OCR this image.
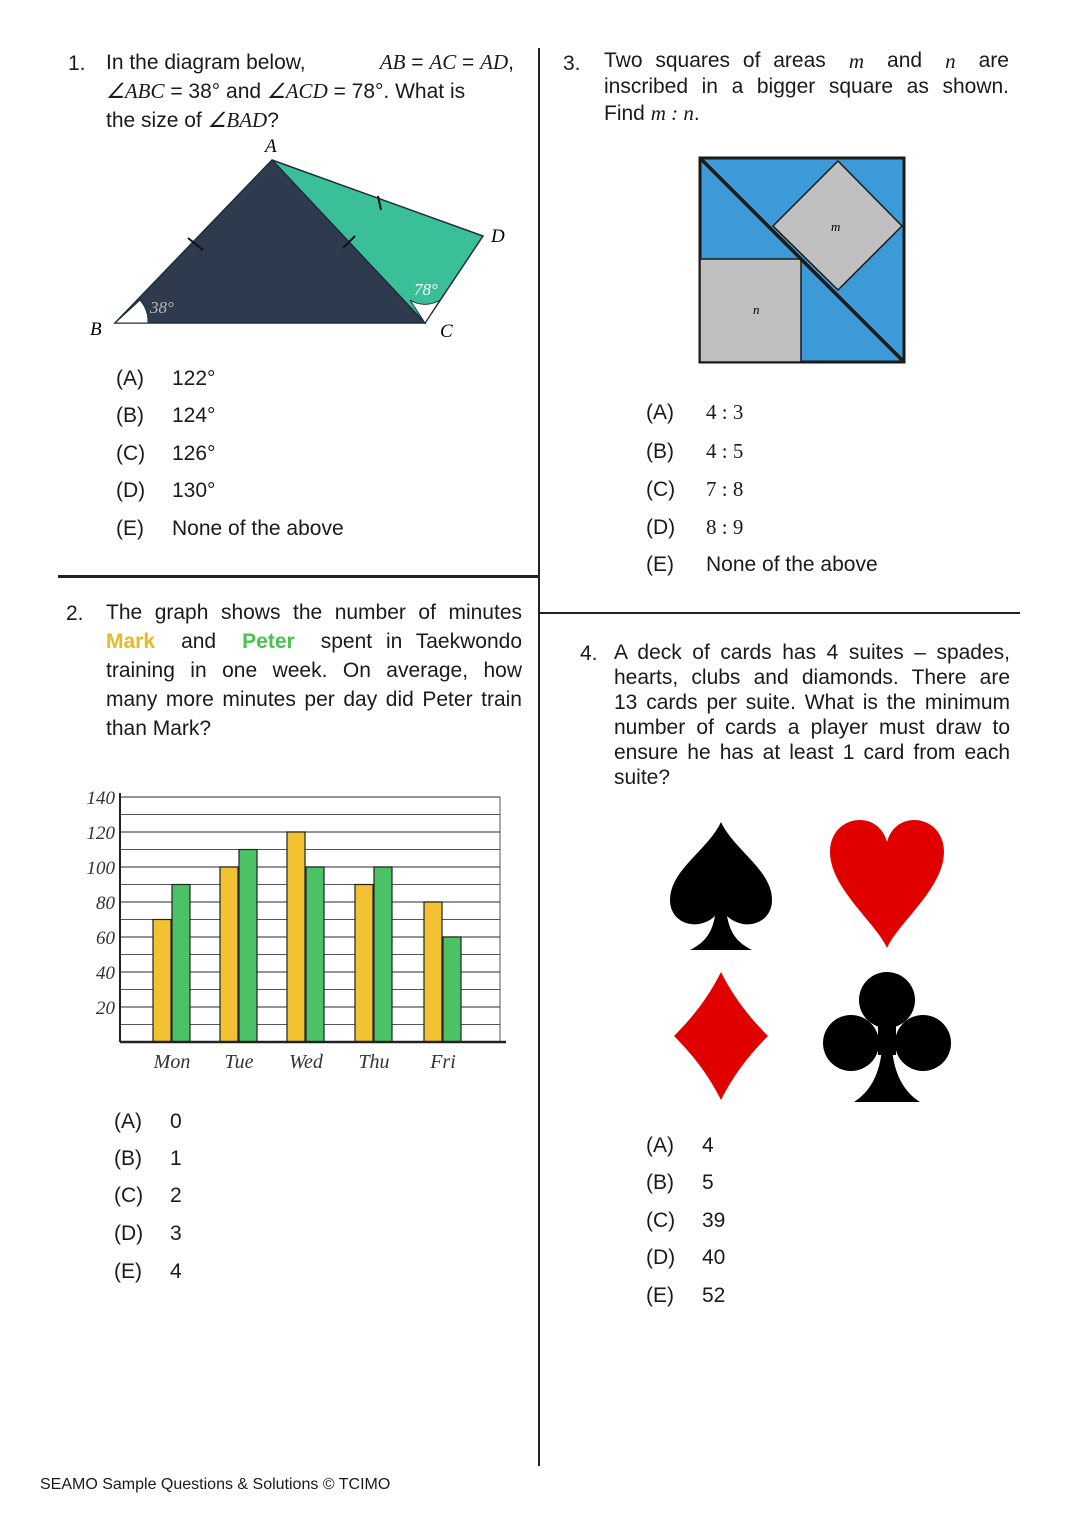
1. In the diagram below,	AB = AC = AD,
∠ABC = 38° and ∠ACD = 78°. What is
the size of ∠BAD?
A
B	C
D
38°
78°
(A) 122°
(B) 124°
(C) 126°
(D) 130°
(E) None of the above
2. The graph shows the number of minutes
Mark and Peter spent in Taekwondo
training in one week. On average, how
many more minutes per day did Peter train
than Mark?
140
120
100
80
60
40
20
Mon Tue Wed Thu Fri
(A) 0
(B) 1
(C) 2
(D) 3
(E) 4
3. Two squares of areas m and n are
inscribed in a bigger square as shown.
Find m : n.
m
n
(A) 4 : 3
(B) 4 : 5
(C) 7 : 8
(D) 8 : 9
(E) None of the above
4. A deck of cards has 4 suites – spades,
hearts, clubs and diamonds. There are
13 cards per suite. What is the minimum
number of cards a player must draw to
ensure he has at least 1 card from each
suite?
(A) 4
(B) 5
(C) 39
(D) 40
(E) 52
SEAMO Sample Questions & Solutions © TCIMO
